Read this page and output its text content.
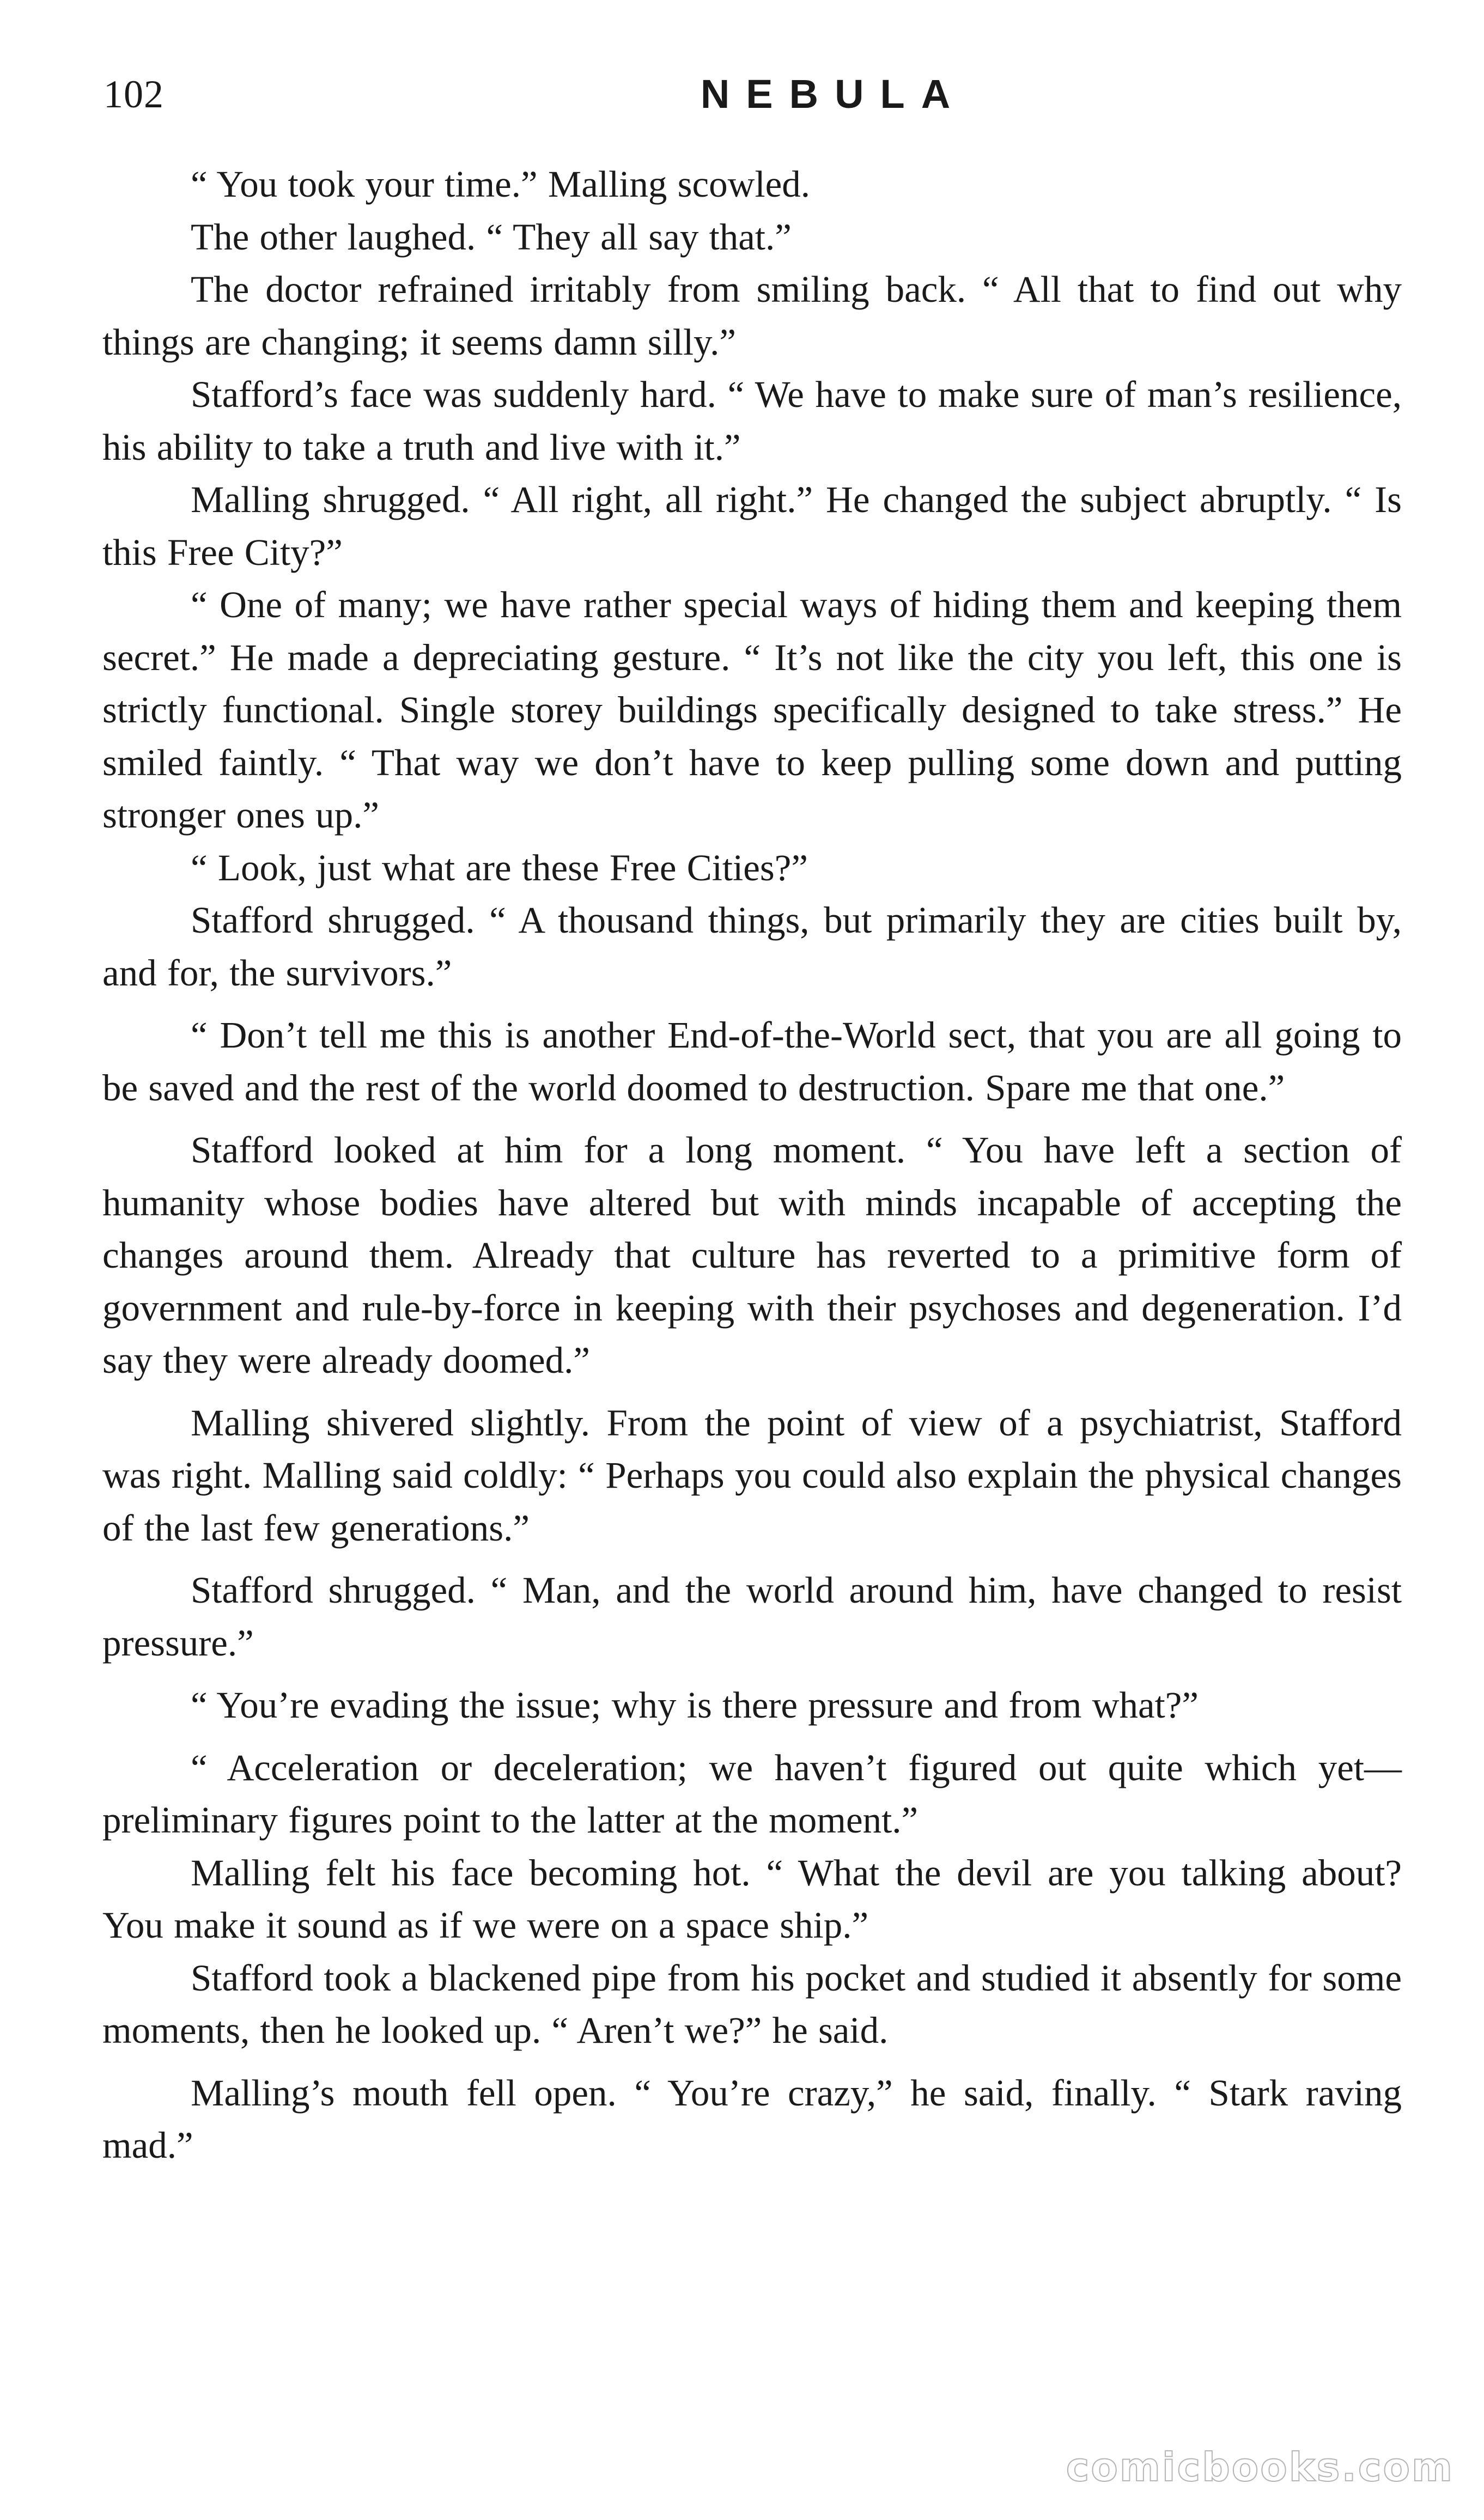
102	NEBULA

“ You took your time.” Malling scowled.

The other laughed. “ They all say that.”

The doctor refrained irritably from smiling back. “ All that to find out why things are changing; it seems damn silly.”

Stafford’s face was suddenly hard. “ We have to make sure of man’s resilience, his ability to take a truth and live with it.”

Malling shrugged. “ All right, all right.” He changed the subject abruptly. “ Is this Free City?”

“ One of many; we have rather special ways of hiding them and keeping them secret.” He made a depreciating gesture. “ It’s not like the city you left, this one is strictly functional. Single storey buildings specifically designed to take stress.” He smiled faintly. “ That way we don’t have to keep pulling some down and putting stronger ones up.”

“ Look, just what are these Free Cities?”

Stafford shrugged. “ A thousand things, but primarily they are cities built by, and for, the survivors.”

“ Don’t tell me this is another End-of-the-World sect, that you are all going to be saved and the rest of the world doomed to destruction. Spare me that one.”

Stafford looked at him for a long moment. “ You have left a section of humanity whose bodies have altered but with minds incapable of accepting the changes around them. Already that culture has reverted to a primitive form of government and rule-by-force in keeping with their psychoses and degeneration. I’d say they were already doomed.”

Malling shivered slightly. From the point of view of a psychiatrist, Stafford was right. Malling said coldly: “ Perhaps you could also explain the physical changes of the last few generations.”

Stafford shrugged. “ Man, and the world around him, have changed to resist pressure.”

“ You’re evading the issue; why is there pressure and from what?”

“ Acceleration or deceleration; we haven’t figured out quite which yet—preliminary figures point to the latter at the moment.”

Malling felt his face becoming hot. “ What the devil are you talking about? You make it sound as if we were on a space ship.”

Stafford took a blackened pipe from his pocket and studied it absently for some moments, then he looked up. “ Aren’t we?” he said.

Malling’s mouth fell open. “ You’re crazy,” he said, finally. “ Stark raving mad.”

comicbooks.com
